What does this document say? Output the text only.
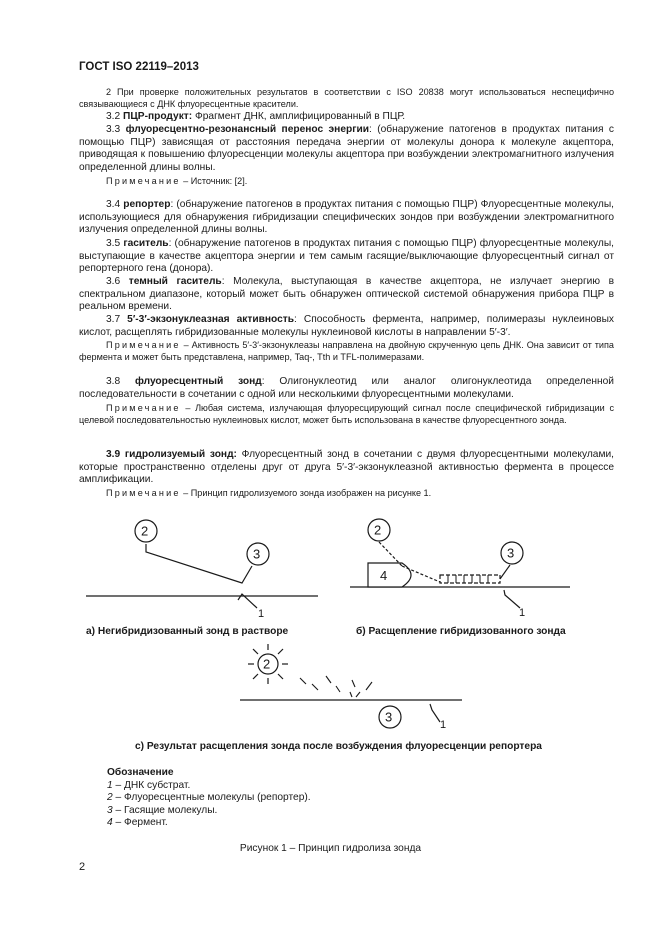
ГОСТ ISO 22119–2013
2 При проверке положительных результатов в соответствии с ISO 20838 могут использоваться неспецифично связывающиеся с ДНК флуоресцентные красители.
3.2 ПЦР-продукт: Фрагмент ДНК, амплифицированный в ПЦР.
3.3 флуоресцентно-резонансный перенос энергии: (обнаружение патогенов в продуктах питания с помощью ПЦР) зависящая от расстояния передача энергии от молекулы донора к молекуле акцептора, приводящая к повышению флуоресценции молекулы акцептора при возбуждении электромагнитного излучения определенной длины волны.
Примечание – Источник: [2].
3.4 репортер: (обнаружение патогенов в продуктах питания с помощью ПЦР) Флуоресцентные молекулы, использующиеся для обнаружения гибридизации специфических зондов при возбуждении электромагнитного излучения определенной длины волны.
3.5 гаситель: (обнаружение патогенов в продуктах питания с помощью ПЦР) флуоресцентные молекулы, выступающие в качестве акцептора энергии и тем самым гасящие/выключающие флуоресцентный сигнал от репортерного гена (донора).
3.6 темный гаситель: Молекула, выступающая в качестве акцептора, не излучает энергию в спектральном диапазоне, который может быть обнаружен оптической системой обнаружения прибора ПЦР в реальном времени.
3.7 5′-3′-экзонуклеазная активность: Способность фермента, например, полимеразы нуклеиновых кислот, расщеплять гибридизованные молекулы нуклеиновой кислоты в направлении 5′-3′.
Примечание – Активность 5′-3′-экзонуклеазы направлена на двойную скрученную цепь ДНК. Она зависит от типа фермента и может быть представлена, например, Taq-, Tth и TFL-полимеразами.
3.8 флуоресцентный зонд: Олигонуклеотид или аналог олигонуклеотида определенной последовательности в сочетании с одной или несколькими флуоресцентными молекулами.
Примечание – Любая система, излучающая флуоресцирующий сигнал после специфической гибридизации с целевой последовательностью нуклеиновых кислот, может быть использована в качестве флуоресцентного зонда.
3.9 гидролизуемый зонд: Флуоресцентный зонд в сочетании с двумя флуоресцентными молекулами, которые пространственно отделены друг от друга 5′-3′-экзонуклеазной активностью фермента в процессе амплификации.
Примечание – Принцип гидролизуемого зонда изображен на рисунке 1.
2
3
1
2
3
4
1
2
3
1
а) Негибридизованный зонд в растворе	б) Расщепление гибридизованного зонда
с) Результат расщепления зонда после возбуждения флуоресценции репортера
Обозначение
1 – ДНК субстрат.
2 – Флуоресцентные молекулы (репортер).
3 – Гасящие молекулы.
4 – Фермент.
Рисунок 1 – Принцип гидролиза зонда
2
